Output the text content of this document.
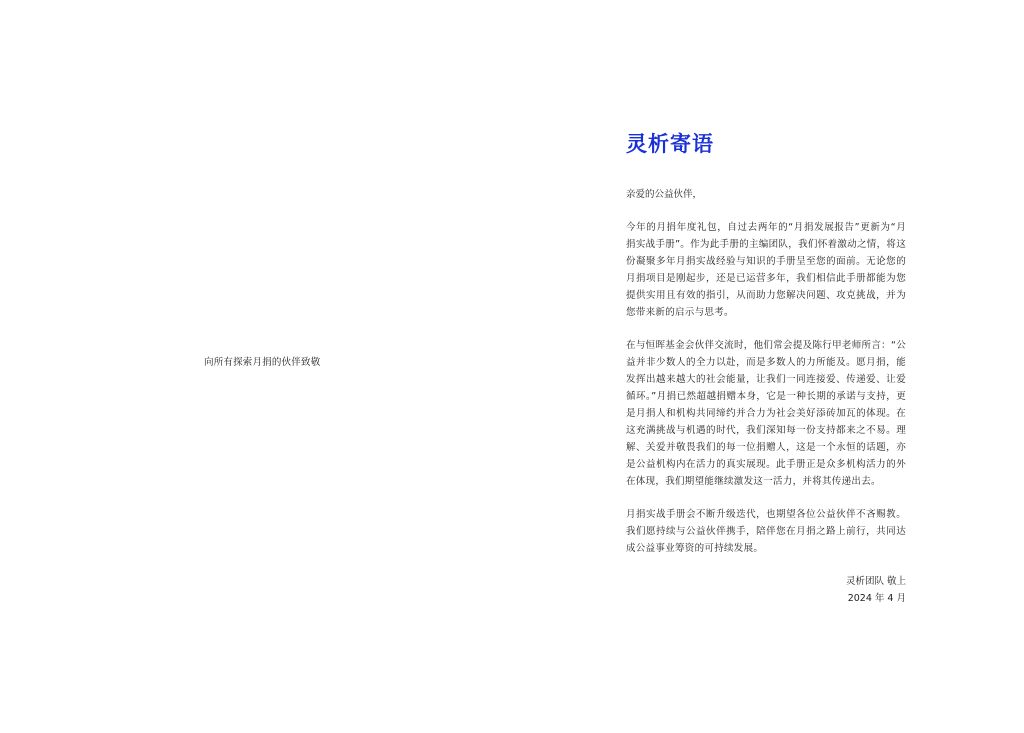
向所有探索月捐的伙伴致敬
灵析寄语
亲爱的公益伙伴，
今年的月捐年度礼包，自过去两年的“月捐发展报告”更新为“月捐实战手册”。作为此手册的主编团队，我们怀着激动之情，将这份凝聚多年月捐实战经验与知识的手册呈至您的面前。无论您的月捐项目是刚起步，还是已运营多年，我们相信此手册都能为您提供实用且有效的指引，从而助力您解决问题、攻克挑战，并为您带来新的启示与思考。
在与恒晖基金会伙伴交流时，他们常会提及陈行甲老师所言：“公益并非少数人的全力以赴，而是多数人的力所能及。愿月捐，能发挥出越来越大的社会能量，让我们一同连接爱、传递爱、让爱循环。”月捐已然超越捐赠本身，它是一种长期的承诺与支持，更是月捐人和机构共同缔约并合力为社会美好添砖加瓦的体现。在这充满挑战与机遇的时代，我们深知每一份支持都来之不易。理解、关爱并敬畏我们的每一位捐赠人，这是一个永恒的话题，亦是公益机构内在活力的真实展现。此手册正是众多机构活力的外在体现，我们期望能继续激发这一活力，并将其传递出去。
月捐实战手册会不断升级迭代，也期望各位公益伙伴不吝赐教。我们愿持续与公益伙伴携手，陪伴您在月捐之路上前行，共同达成公益事业筹资的可持续发展。
灵析团队 敬上
2024 年 4 月
